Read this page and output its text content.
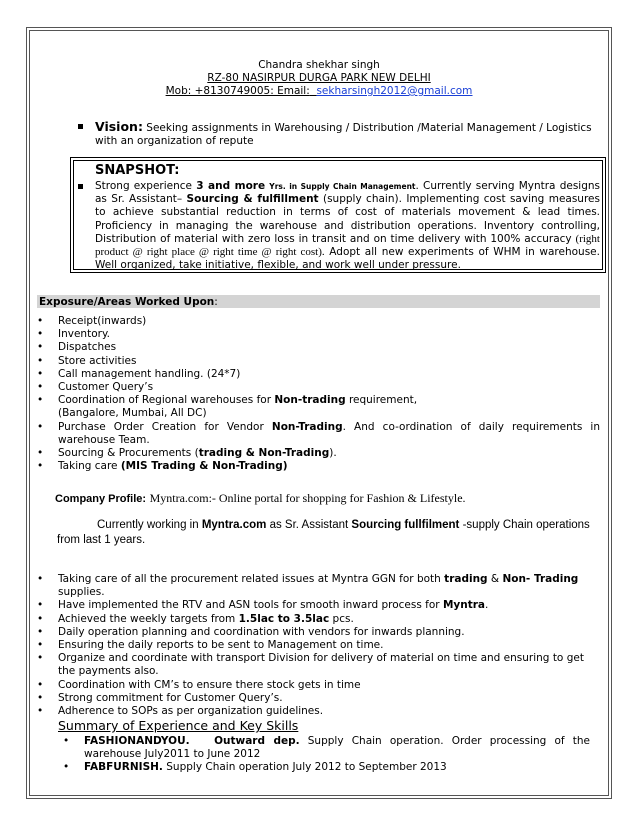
Chandra shekhar singh
RZ-80 NASIRPUR DURGA PARK NEW DELHI
Mob: +8130749005: Email: sekharsingh2012@gmail.com
Vision: Seeking assignments in Warehousing / Distribution /Material Management / Logistics with an organization of repute
SNAPSHOT:
Strong experience 3 and more Yrs. in Supply Chain Management. Currently serving Myntra designs as Sr. Assistant– Sourcing & fulfillment (supply chain). Implementing cost saving measures to achieve substantial reduction in terms of cost of materials movement & lead times. Proficiency in managing the warehouse and distribution operations. Inventory controlling, Distribution of material with zero loss in transit and on time delivery with 100% accuracy (right product @ right place @ right time @ right cost). Adopt all new experiments of WHM in warehouse. Well organized, take initiative, flexible, and work well under pressure.
Exposure/Areas Worked Upon:
• Receipt(inwards)
• Inventory.
• Dispatches
• Store activities
• Call management handling. (24*7)
• Customer Query’s
• Coordination of Regional warehouses for Non-trading requirement,
(Bangalore, Mumbai, All DC)
• Purchase Order Creation for Vendor Non-Trading. And co-ordination of daily requirements in warehouse Team.
• Sourcing & Procurements (trading & Non-Trading).
• Taking care (MIS Trading & Non-Trading)
Company Profile: Myntra.com:- Online portal for shopping for Fashion & Lifestyle.
Currently working in Myntra.com as Sr. Assistant Sourcing fullfilment -supply Chain operations from last 1 years.
• Taking care of all the procurement related issues at Myntra GGN for both trading & Non- Trading
supplies.
• Have implemented the RTV and ASN tools for smooth inward process for Myntra.
• Achieved the weekly targets from 1.5lac to 3.5lac pcs.
• Daily operation planning and coordination with vendors for inwards planning.
• Ensuring the daily reports to be sent to Management on time.
• Organize and coordinate with transport Division for delivery of material on time and ensuring to get the payments also.
• Coordination with CM’s to ensure there stock gets in time
• Strong commitment for Customer Query’s.
• Adherence to SOPs as per organization guidelines.
Summary of Experience and Key Skills
• FASHIONANDYOU. Outward dep. Supply Chain operation. Order processing of the warehouse July2011 to June 2012
• FABFURNISH. Supply Chain operation July 2012 to September 2013
